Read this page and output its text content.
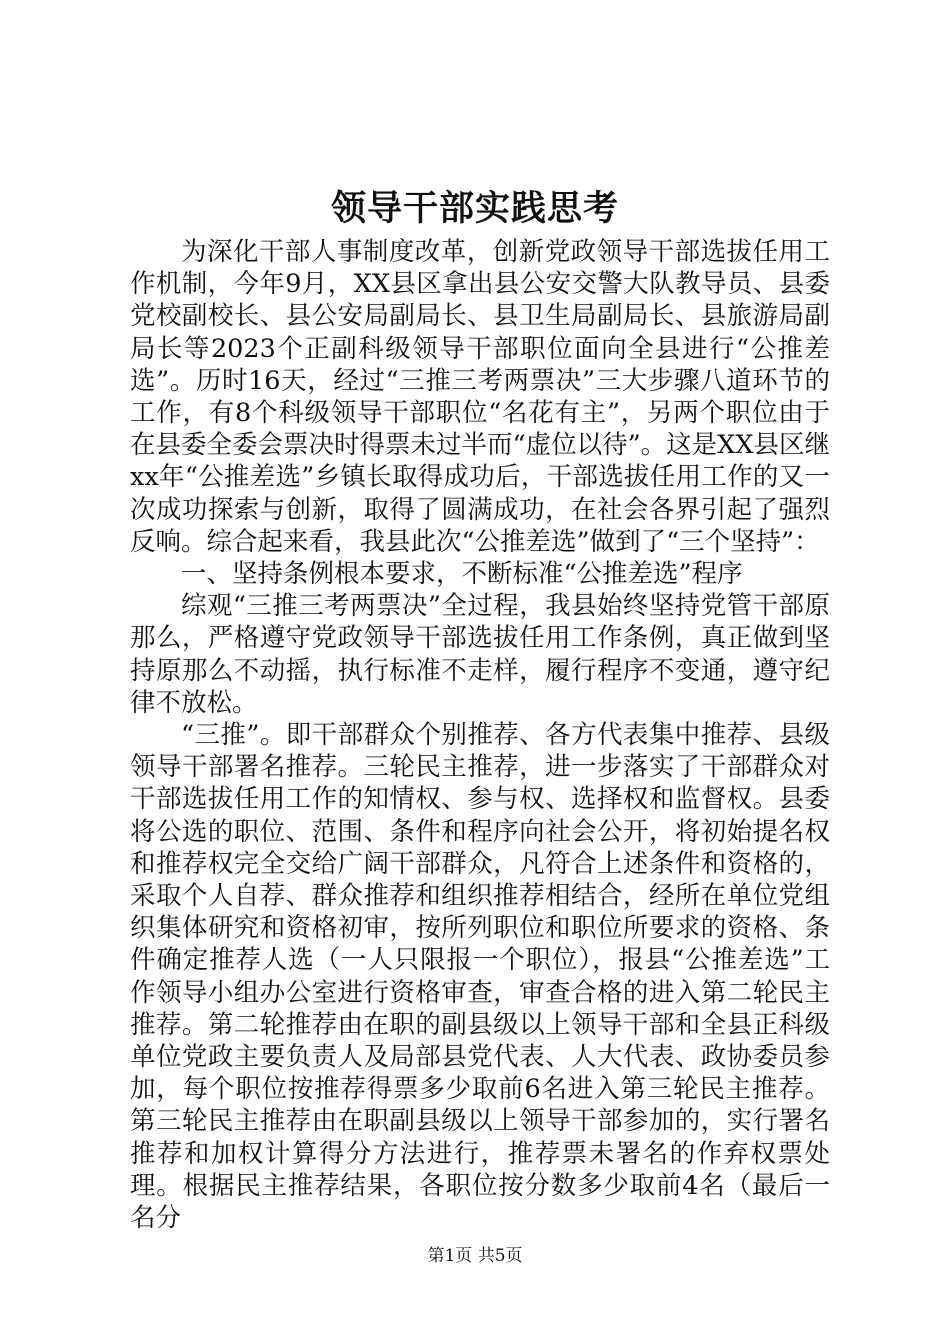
领导干部实践思考

为深化干部人事制度改革，创新党政领导干部选拔任用工作机制，今年9月，XX县区拿出县公安交警大队教导员、县委党校副校长、县公安局副局长、县卫生局副局长、县旅游局副局长等2023个正副科级领导干部职位面向全县进行“公推差选”。历时16天，经过“三推三考两票决”三大步骤八道环节的工作，有8个科级领导干部职位“名花有主”，另两个职位由于在县委全委会票决时得票未过半而“虚位以待”。这是XX县区继xx年“公推差选”乡镇长取得成功后，干部选拔任用工作的又一次成功探索与创新，取得了圆满成功，在社会各界引起了强烈反响。综合起来看，我县此次“公推差选”做到了“三个坚持”：

一、坚持条例根本要求，不断标准“公推差选”程序

综观“三推三考两票决”全过程，我县始终坚持党管干部原那么，严格遵守党政领导干部选拔任用工作条例，真正做到坚持原那么不动摇，执行标准不走样，履行程序不变通，遵守纪律不放松。

“三推”。即干部群众个别推荐、各方代表集中推荐、县级领导干部署名推荐。三轮民主推荐，进一步落实了干部群众对干部选拔任用工作的知情权、参与权、选择权和监督权。县委将公选的职位、范围、条件和程序向社会公开，将初始提名权和推荐权完全交给广阔干部群众，凡符合上述条件和资格的，采取个人自荐、群众推荐和组织推荐相结合，经所在单位党组织集体研究和资格初审，按所列职位和职位所要求的资格、条件确定推荐人选（一人只限报一个职位），报县“公推差选”工作领导小组办公室进行资格审查，审查合格的进入第二轮民主推荐。第二轮推荐由在职的副县级以上领导干部和全县正科级单位党政主要负责人及局部县党代表、人大代表、政协委员参加，每个职位按推荐得票多少取前6名进入第三轮民主推荐。第三轮民主推荐由在职副县级以上领导干部参加的，实行署名推荐和加权计算得分方法进行，推荐票未署名的作弃权票处理。根据民主推荐结果，各职位按分数多少取前4名（最后一名分

第1页 共5页
